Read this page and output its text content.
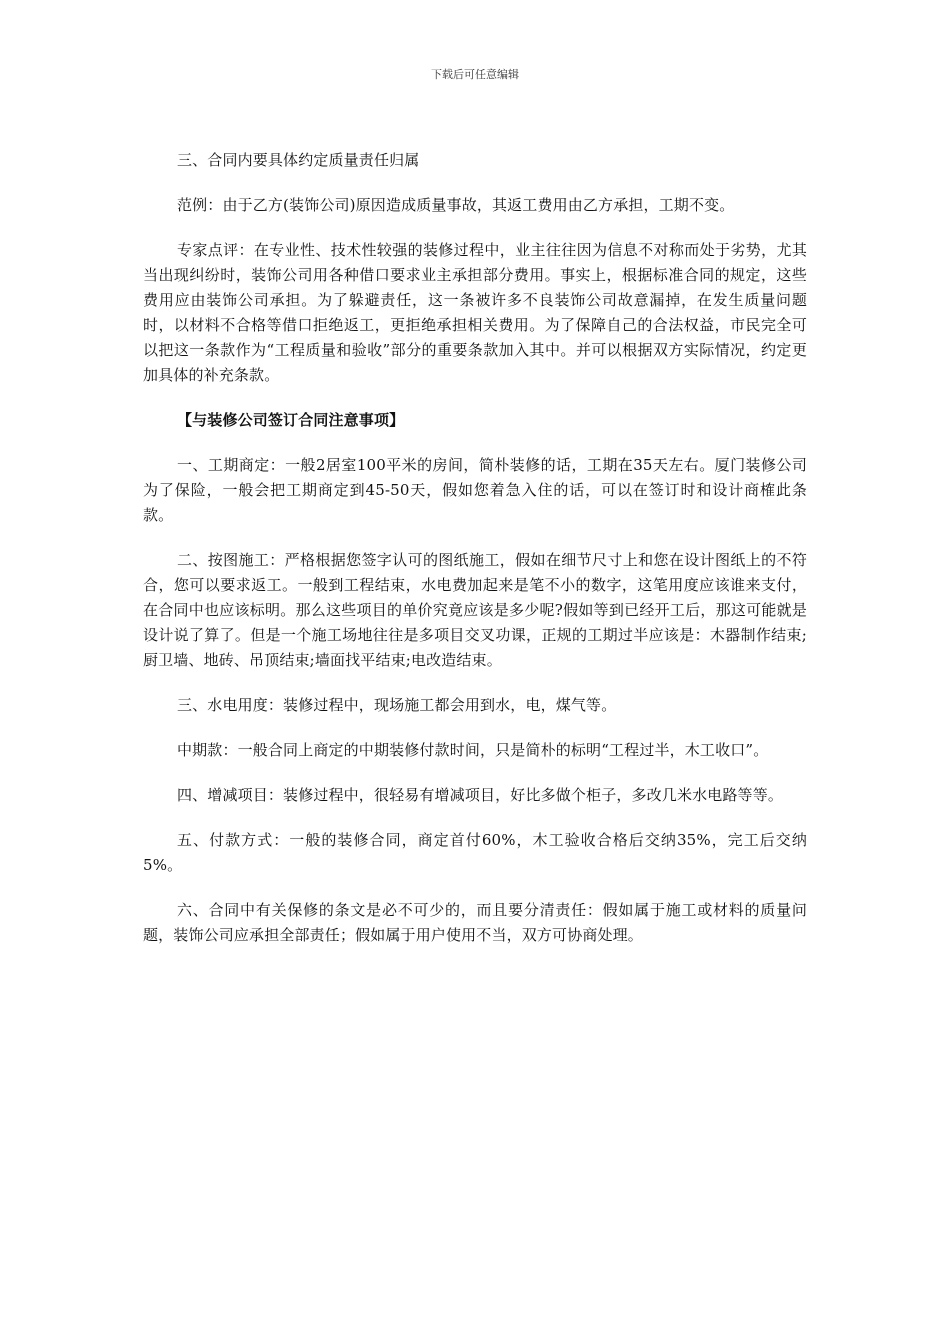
下载后可任意编辑

三、合同内要具体约定质量责任归属

范例：由于乙方(装饰公司)原因造成质量事故，其返工费用由乙方承担，工期不变。

专家点评：在专业性、技术性较强的装修过程中，业主往往因为信息不对称而处于劣势，尤其当出现纠纷时，装饰公司用各种借口要求业主承担部分费用。事实上，根据标准合同的规定，这些费用应由装饰公司承担。为了躲避责任，这一条被许多不良装饰公司故意漏掉，在发生质量问题时，以材料不合格等借口拒绝返工，更拒绝承担相关费用。为了保障自己的合法权益，市民完全可以把这一条款作为“工程质量和验收”部分的重要条款加入其中。并可以根据双方实际情况，约定更加具体的补充条款。

【与装修公司签订合同注意事项】

一、工期商定：一般2居室100平米的房间，简朴装修的话，工期在35天左右。厦门装修公司为了保险，一般会把工期商定到45-50天，假如您着急入住的话，可以在签订时和设计商榷此条款。

二、按图施工：严格根据您签字认可的图纸施工，假如在细节尺寸上和您在设计图纸上的不符合，您可以要求返工。一般到工程结束，水电费加起来是笔不小的数字，这笔用度应该谁来支付，在合同中也应该标明。那么这些项目的单价究竟应该是多少呢?假如等到已经开工后，那这可能就是设计说了算了。但是一个施工场地往往是多项目交叉功课，正规的工期过半应该是：木器制作结束;厨卫墙、地砖、吊顶结束;墙面找平结束;电改造结束。

三、水电用度：装修过程中，现场施工都会用到水，电，煤气等。

中期款：一般合同上商定的中期装修付款时间，只是简朴的标明“工程过半，木工收口”。

四、增减项目：装修过程中，很轻易有增减项目，好比多做个柜子，多改几米水电路等等。

五、付款方式：一般的装修合同，商定首付60%，木工验收合格后交纳35%，完工后交纳5%。

六、合同中有关保修的条文是必不可少的，而且要分清责任：假如属于施工或材料的质量问题，装饰公司应承担全部责任；假如属于用户使用不当，双方可协商处理。
